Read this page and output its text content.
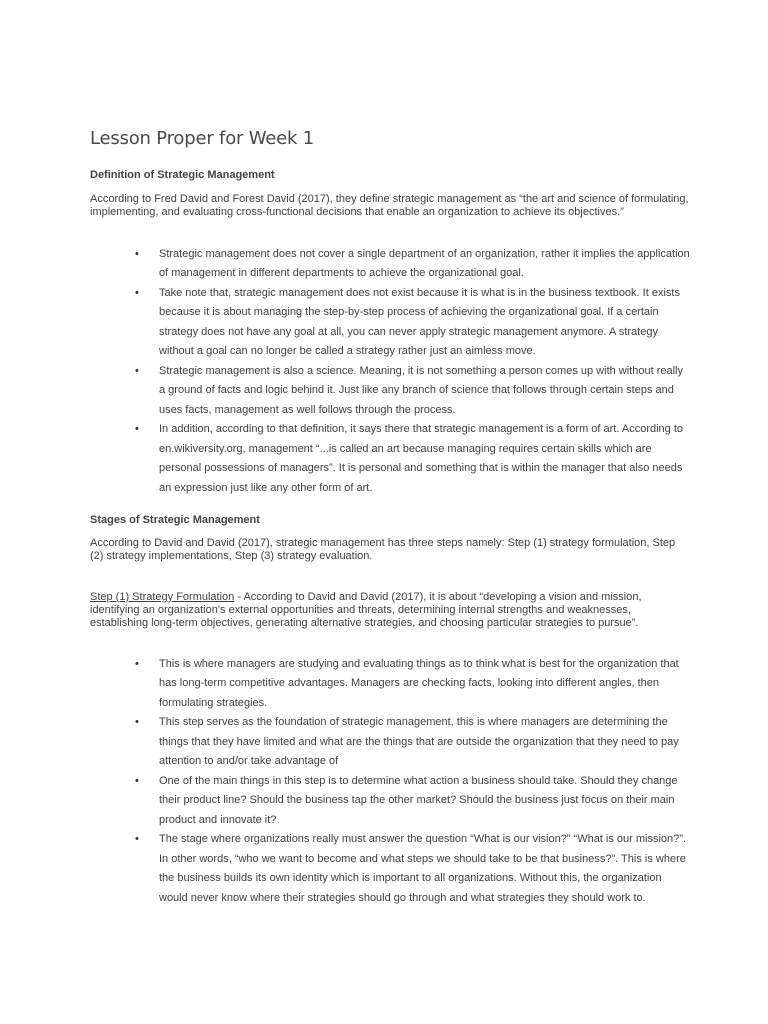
Lesson Proper for Week 1
Definition of Strategic Management

According to Fred David and Forest David (2017), they define strategic management as “the art and science of formulating, implementing, and evaluating cross-functional decisions that enable an organization to achieve its objectives.”

• Strategic management does not cover a single department of an organization, rather it implies the application of management in different departments to achieve the organizational goal.
• Take note that, strategic management does not exist because it is what is in the business textbook. It exists because it is about managing the step-by-step process of achieving the organizational goal. If a certain strategy does not have any goal at all, you can never apply strategic management anymore. A strategy without a goal can no longer be called a strategy rather just an aimless move.
• Strategic management is also a science. Meaning, it is not something a person comes up with without really a ground of facts and logic behind it. Just like any branch of science that follows through certain steps and uses facts, management as well follows through the process.
• In addition, according to that definition, it says there that strategic management is a form of art. According to en.wikiversity.org, management “...is called an art because managing requires certain skills which are personal possessions of managers”. It is personal and something that is within the manager that also needs an expression just like any other form of art.
Stages of Strategic Management

According to David and David (2017), strategic management has three steps namely: Step (1) strategy formulation, Step (2) strategy implementations, Step (3) strategy evaluation.

Step (1) Strategy Formulation - According to David and David (2017), it is about “developing a vision and mission, identifying an organization’s external opportunities and threats, determining internal strengths and weaknesses, establishing long-term objectives, generating alternative strategies, and choosing particular strategies to pursue”.

• This is where managers are studying and evaluating things as to think what is best for the organization that has long-term competitive advantages. Managers are checking facts, looking into different angles, then formulating strategies.
• This step serves as the foundation of strategic management, this is where managers are determining the things that they have limited and what are the things that are outside the organization that they need to pay attention to and/or take advantage of
• One of the main things in this step is to determine what action a business should take. Should they change their product line? Should the business tap the other market? Should the business just focus on their main product and innovate it?
• The stage where organizations really must answer the question “What is our vision?” “What is our mission?”. In other words, “who we want to become and what steps we should take to be that business?”. This is where the business builds its own identity which is important to all organizations. Without this, the organization would never know where their strategies should go through and what strategies they should work to.
